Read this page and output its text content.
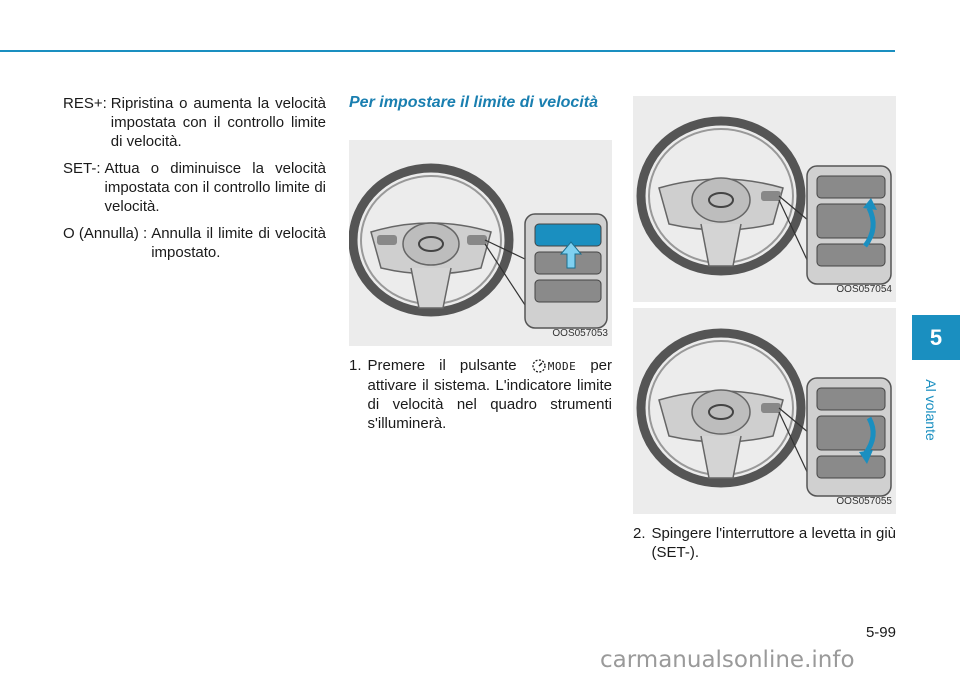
RES+: Ripristina o aumenta la velocità impostata con il controllo limite di velocità.
SET-: Attua o diminuisce la velocità impostata con il controllo limite di velocità.
O (Annulla) : Annulla il limite di velocità impostato.

Per impostare il limite di velocità

OOS057053
1. Premere il pulsante	MODE per attivare il sistema. L'indicatore limite di velocità nel quadro strumenti s'illuminerà.
OOS057054
OOS057055
2. Spingere l'interruttore a levetta in giù (SET-).
5
Al volante
5-99
carmanualsonline.info
